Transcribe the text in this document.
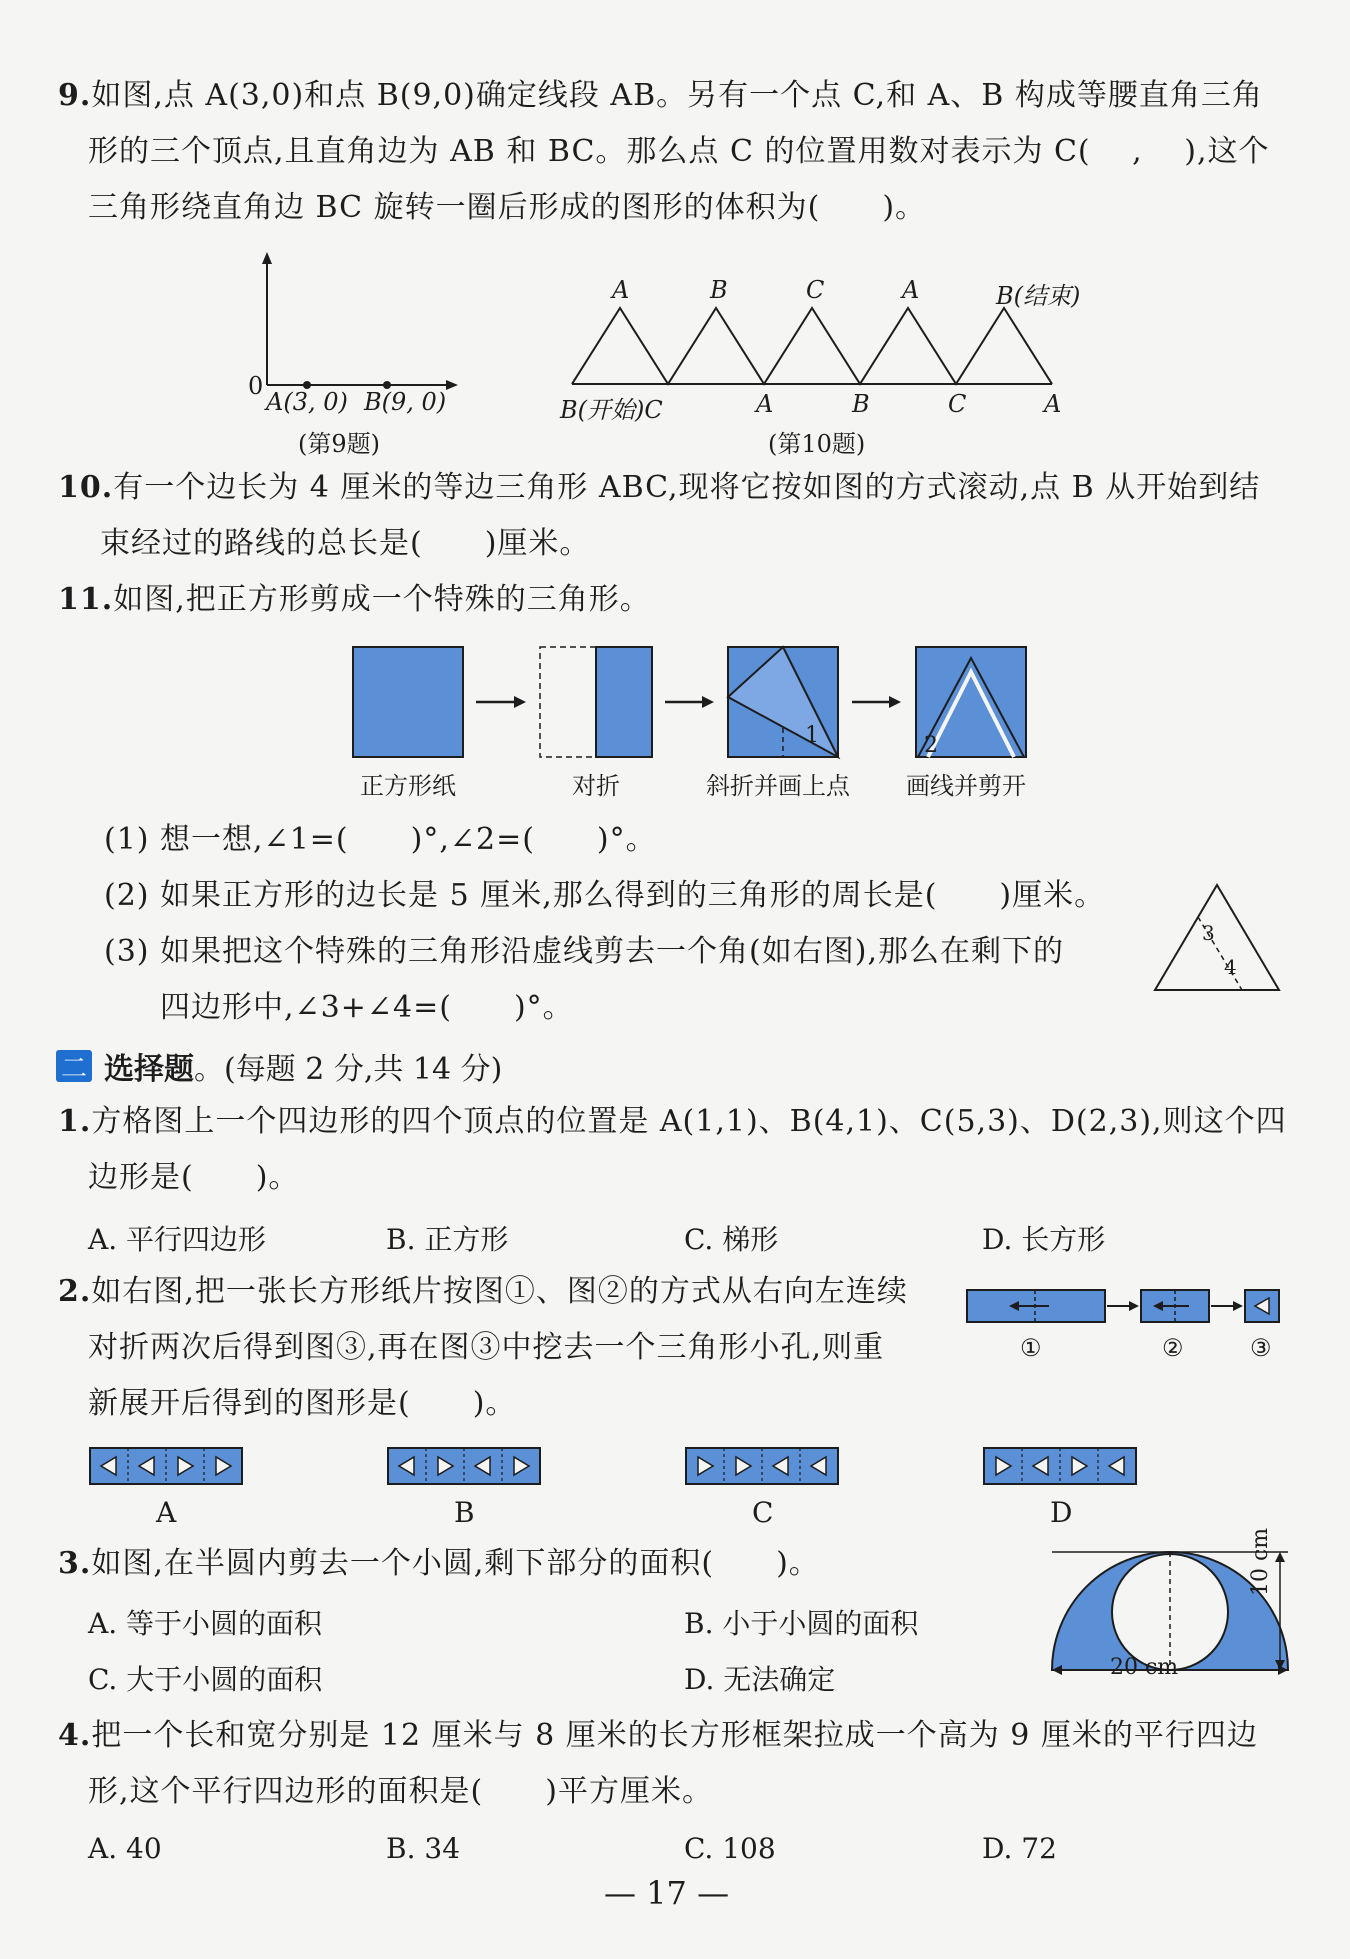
9.如图,点 A(3,0)和点 B(9,0)确定线段 AB。另有一个点 C,和 A、B 构成等腰直角三角
形的三个顶点,且直角边为 AB 和 BC。那么点 C 的位置用数对表示为 C(　 ,　 ),这个
三角形绕直角边 BC 旋转一圈后形成的图形的体积为(　　)。
0
A(3, 0) B(9, 0)
(第9题)
A	B	C	A	B(结束)
B(开始)C	A	B	C	A
(第10题)
10.有一个边长为 4 厘米的等边三角形 ABC,现将它按如图的方式滚动,点 B 从开始到结
束经过的路线的总长是(　　)厘米。
11.如图,把正方形剪成一个特殊的三角形。
1	2
正方形纸	对折	斜折并画上点 画线并剪开
(1) 想一想,∠1=(　　)°,∠2=(　　)°。
(2) 如果正方形的边长是 5 厘米,那么得到的三角形的周长是(　　)厘米。
(3) 如果把这个特殊的三角形沿虚线剪去一个角(如右图),那么在剩下的
四边形中,∠3+∠4=(　　)°。
3
4
二 选择题 。(每题 2 分,共 14 分)
1.方格图上一个四边形的四个顶点的位置是 A(1,1)、B(4,1)、C(5,3)、D(2,3),则这个四
边形是(　　)。
A. 平行四边形	B. 正方形	C. 梯形	D. 长方形
2.如右图,把一张长方形纸片按图①、图②的方式从右向左连续
对折两次后得到图③,再在图③中挖去一个三角形小孔,则重
新展开后得到的图形是(　　)。
①	②	③
A	B	C	D
3.如图,在半圆内剪去一个小圆,剩下部分的面积(　　)。
A. 等于小圆的面积	B. 小于小圆的面积
C. 大于小圆的面积	D. 无法确定	20 cm
10 cm
4.把一个长和宽分别是 12 厘米与 8 厘米的长方形框架拉成一个高为 9 厘米的平行四边
形,这个平行四边形的面积是(　　)平方厘米。
A. 40	B. 34	C. 108	D. 72
— 17 —
